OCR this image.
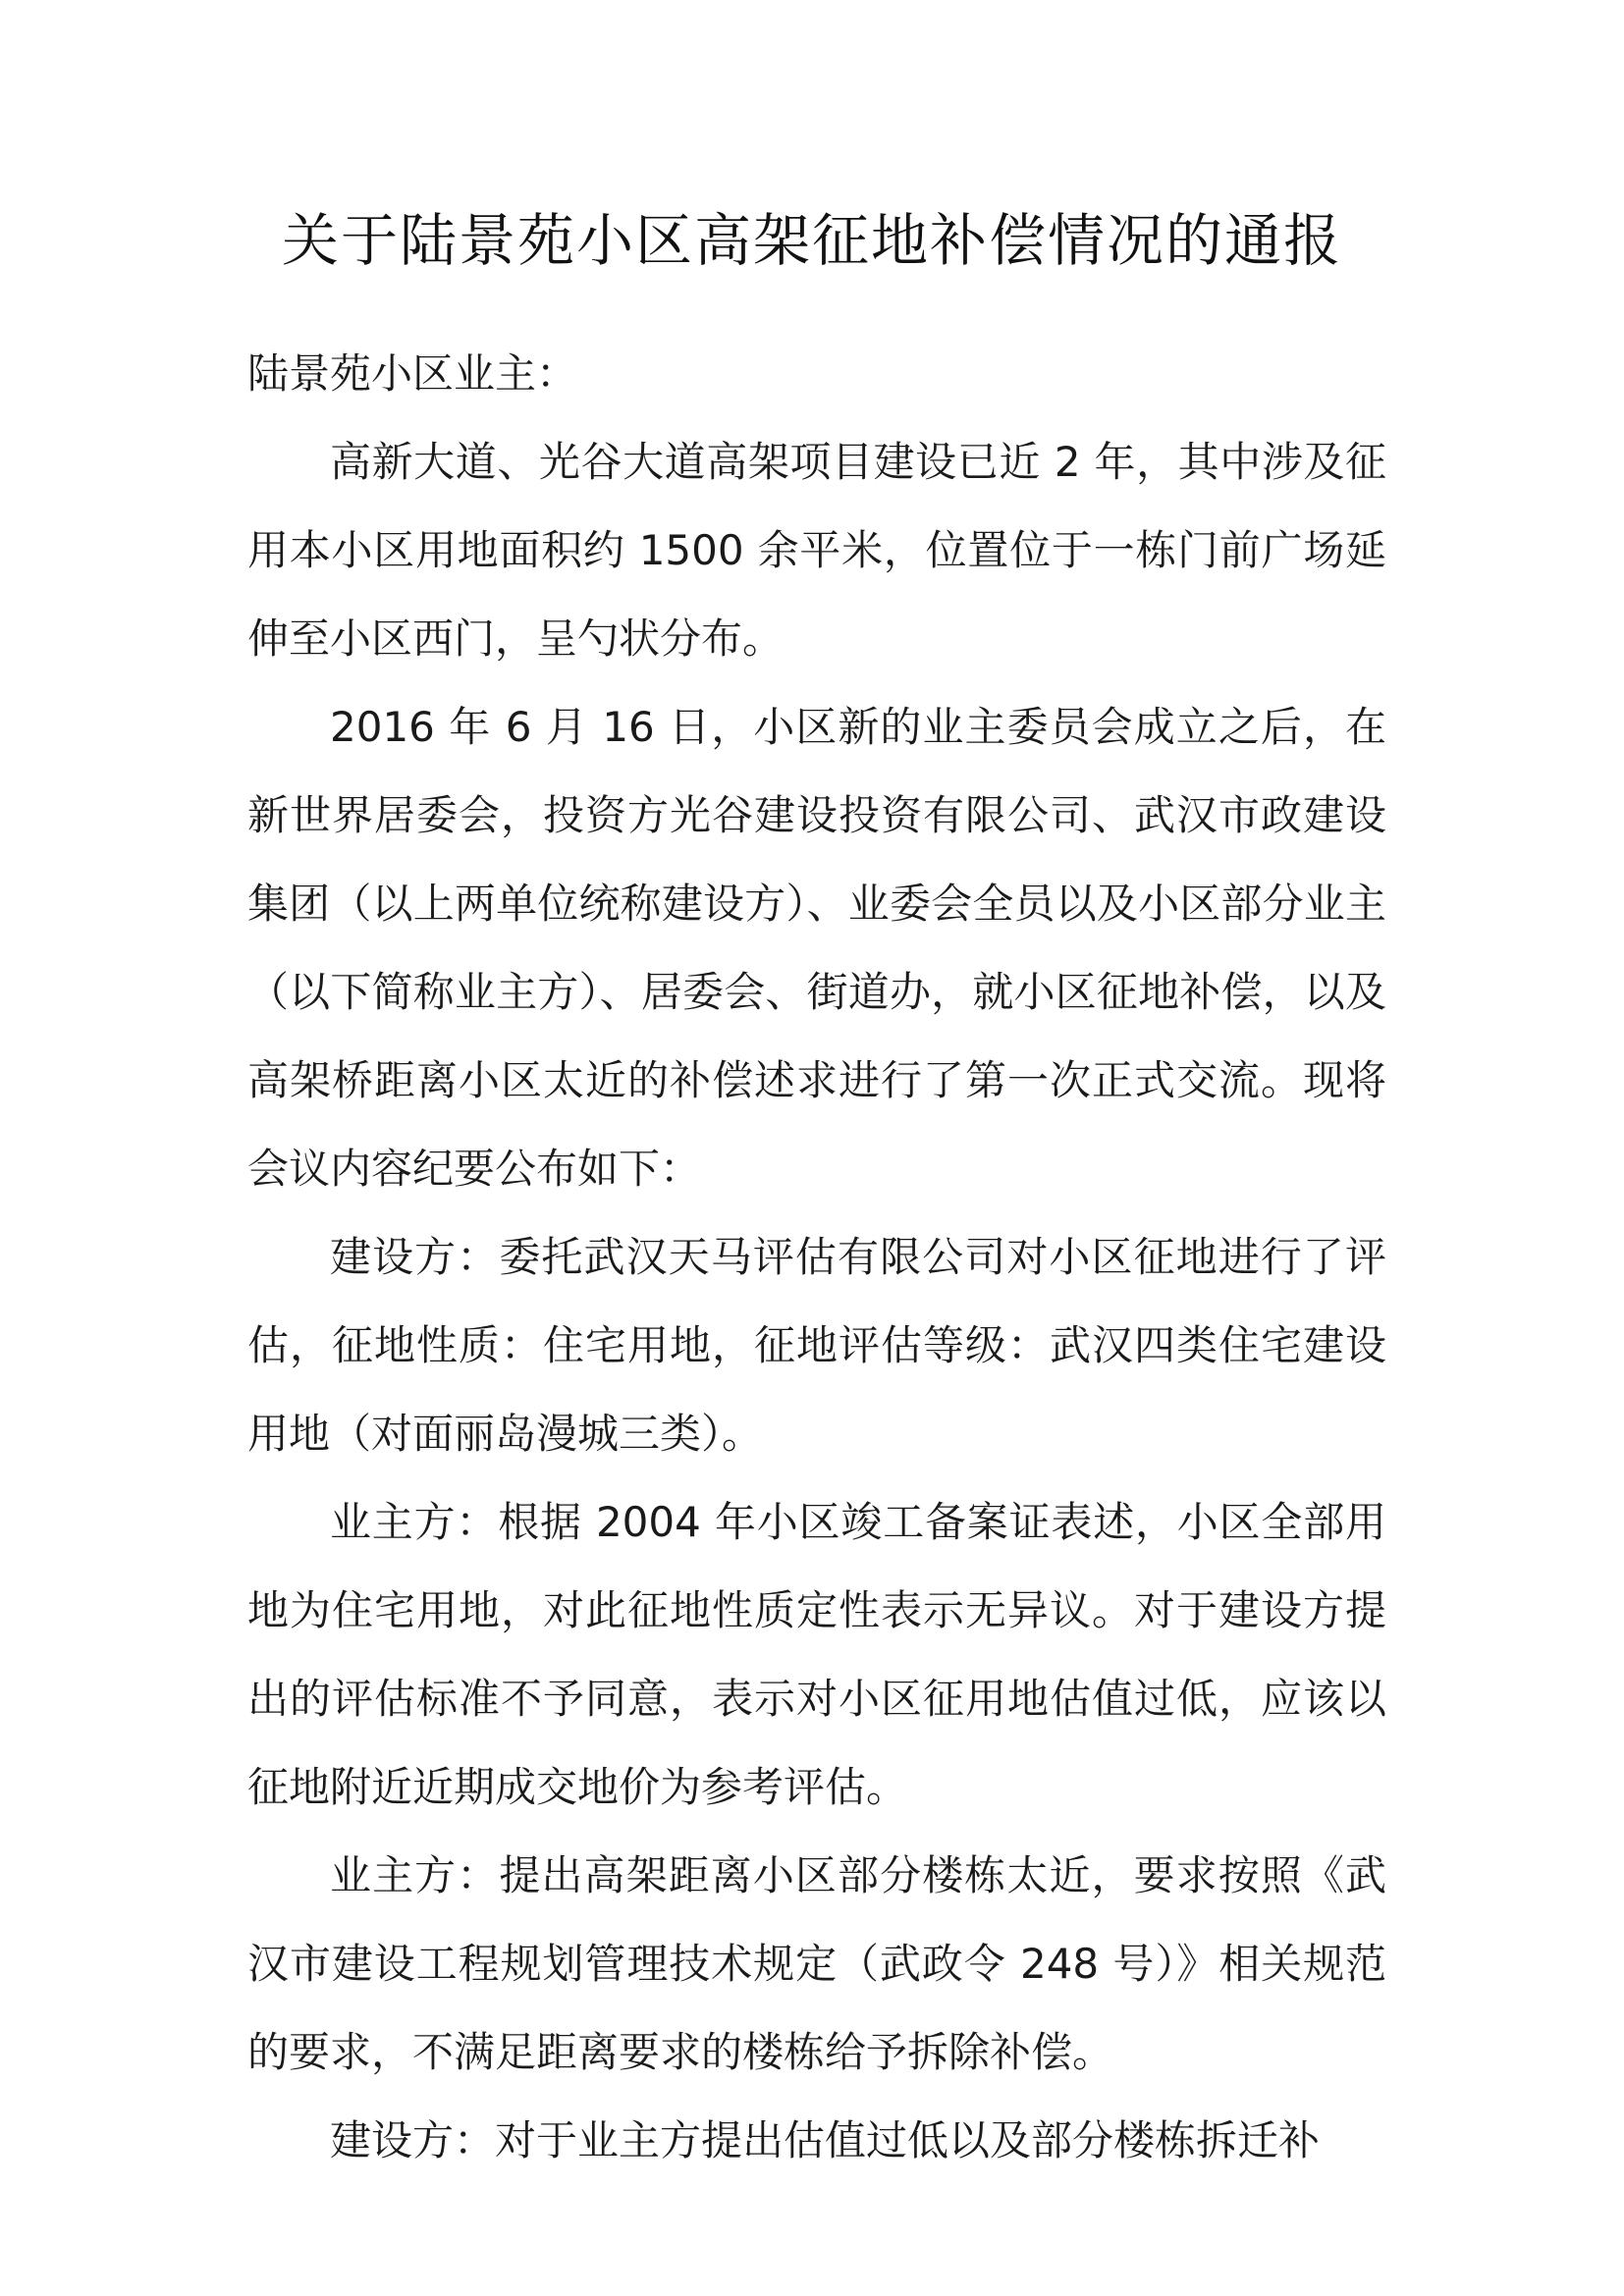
关于陆景苑小区高架征地补偿情况的通报

陆景苑小区业主：

高新大道、光谷大道高架项目建设已近 2 年，其中涉及征用本小区用地面积约 1500 余平米，位置位于一栋门前广场延伸至小区西门，呈勺状分布。

2016 年 6 月 16 日，小区新的业主委员会成立之后，在新世界居委会，投资方光谷建设投资有限公司、武汉市政建设集团（以上两单位统称建设方）、业委会全员以及小区部分业主（以下简称业主方）、居委会、街道办，就小区征地补偿，以及高架桥距离小区太近的补偿述求进行了第一次正式交流。现将会议内容纪要公布如下：

建设方：委托武汉天马评估有限公司对小区征地进行了评估，征地性质：住宅用地，征地评估等级：武汉四类住宅建设用地（对面丽岛漫城三类）。

业主方：根据 2004 年小区竣工备案证表述，小区全部用地为住宅用地，对此征地性质定性表示无异议。对于建设方提出的评估标准不予同意，表示对小区征用地估值过低，应该以征地附近近期成交地价为参考评估。

业主方：提出高架距离小区部分楼栋太近，要求按照《武汉市建设工程规划管理技术规定（武政令 248 号）》相关规范的要求，不满足距离要求的楼栋给予拆除补偿。

建设方：对于业主方提出估值过低以及部分楼栋拆迁补
